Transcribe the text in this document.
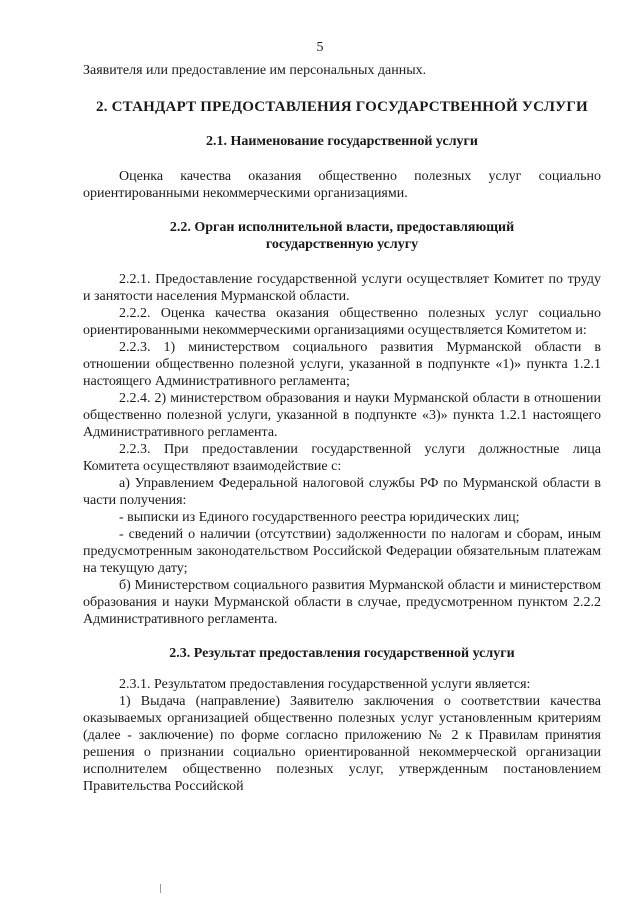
5

Заявителя или предоставление им персональных данных.

2. СТАНДАРТ ПРЕДОСТАВЛЕНИЯ ГОСУДАРСТВЕННОЙ УСЛУГИ

2.1. Наименование государственной услуги

Оценка качества оказания общественно полезных услуг социально ориентированными некоммерческими организациями.

2.2. Орган исполнительной власти, предоставляющий
государственную услугу

2.2.1. Предоставление государственной услуги осуществляет Комитет по труду и занятости населения Мурманской области.

2.2.2. Оценка качества оказания общественно полезных услуг социально ориентированными некоммерческими организациями осуществляется Комитетом и:

2.2.3. 1) министерством социального развития Мурманской области в отношении общественно полезной услуги, указанной в подпункте «1)» пункта 1.2.1 настоящего Административного регламента;

2.2.4. 2) министерством образования и науки Мурманской области в отношении общественно полезной услуги, указанной в подпункте «3)» пункта 1.2.1 настоящего Административного регламента.

2.2.3. При предоставлении государственной услуги должностные лица Комитета осуществляют взаимодействие с:

а) Управлением Федеральной налоговой службы РФ по Мурманской области в части получения:

- выписки из Единого государственного реестра юридических лиц;

- сведений о наличии (отсутствии) задолженности по налогам и сборам, иным предусмотренным законодательством Российской Федерации обязательным платежам на текущую дату;

б) Министерством социального развития Мурманской области и министерством образования и науки Мурманской области в случае, предусмотренном пунктом 2.2.2 Административного регламента.

2.3. Результат предоставления государственной услуги

2.3.1. Результатом предоставления государственной услуги является:

1) Выдача (направление) Заявителю заключения о соответствии качества оказываемых организацией общественно полезных услуг установленным критериям (далее - заключение) по форме согласно приложению № 2 к Правилам принятия решения о признании социально ориентированной некоммерческой организации исполнителем общественно полезных услуг, утвержденным постановлением Правительства Российской
